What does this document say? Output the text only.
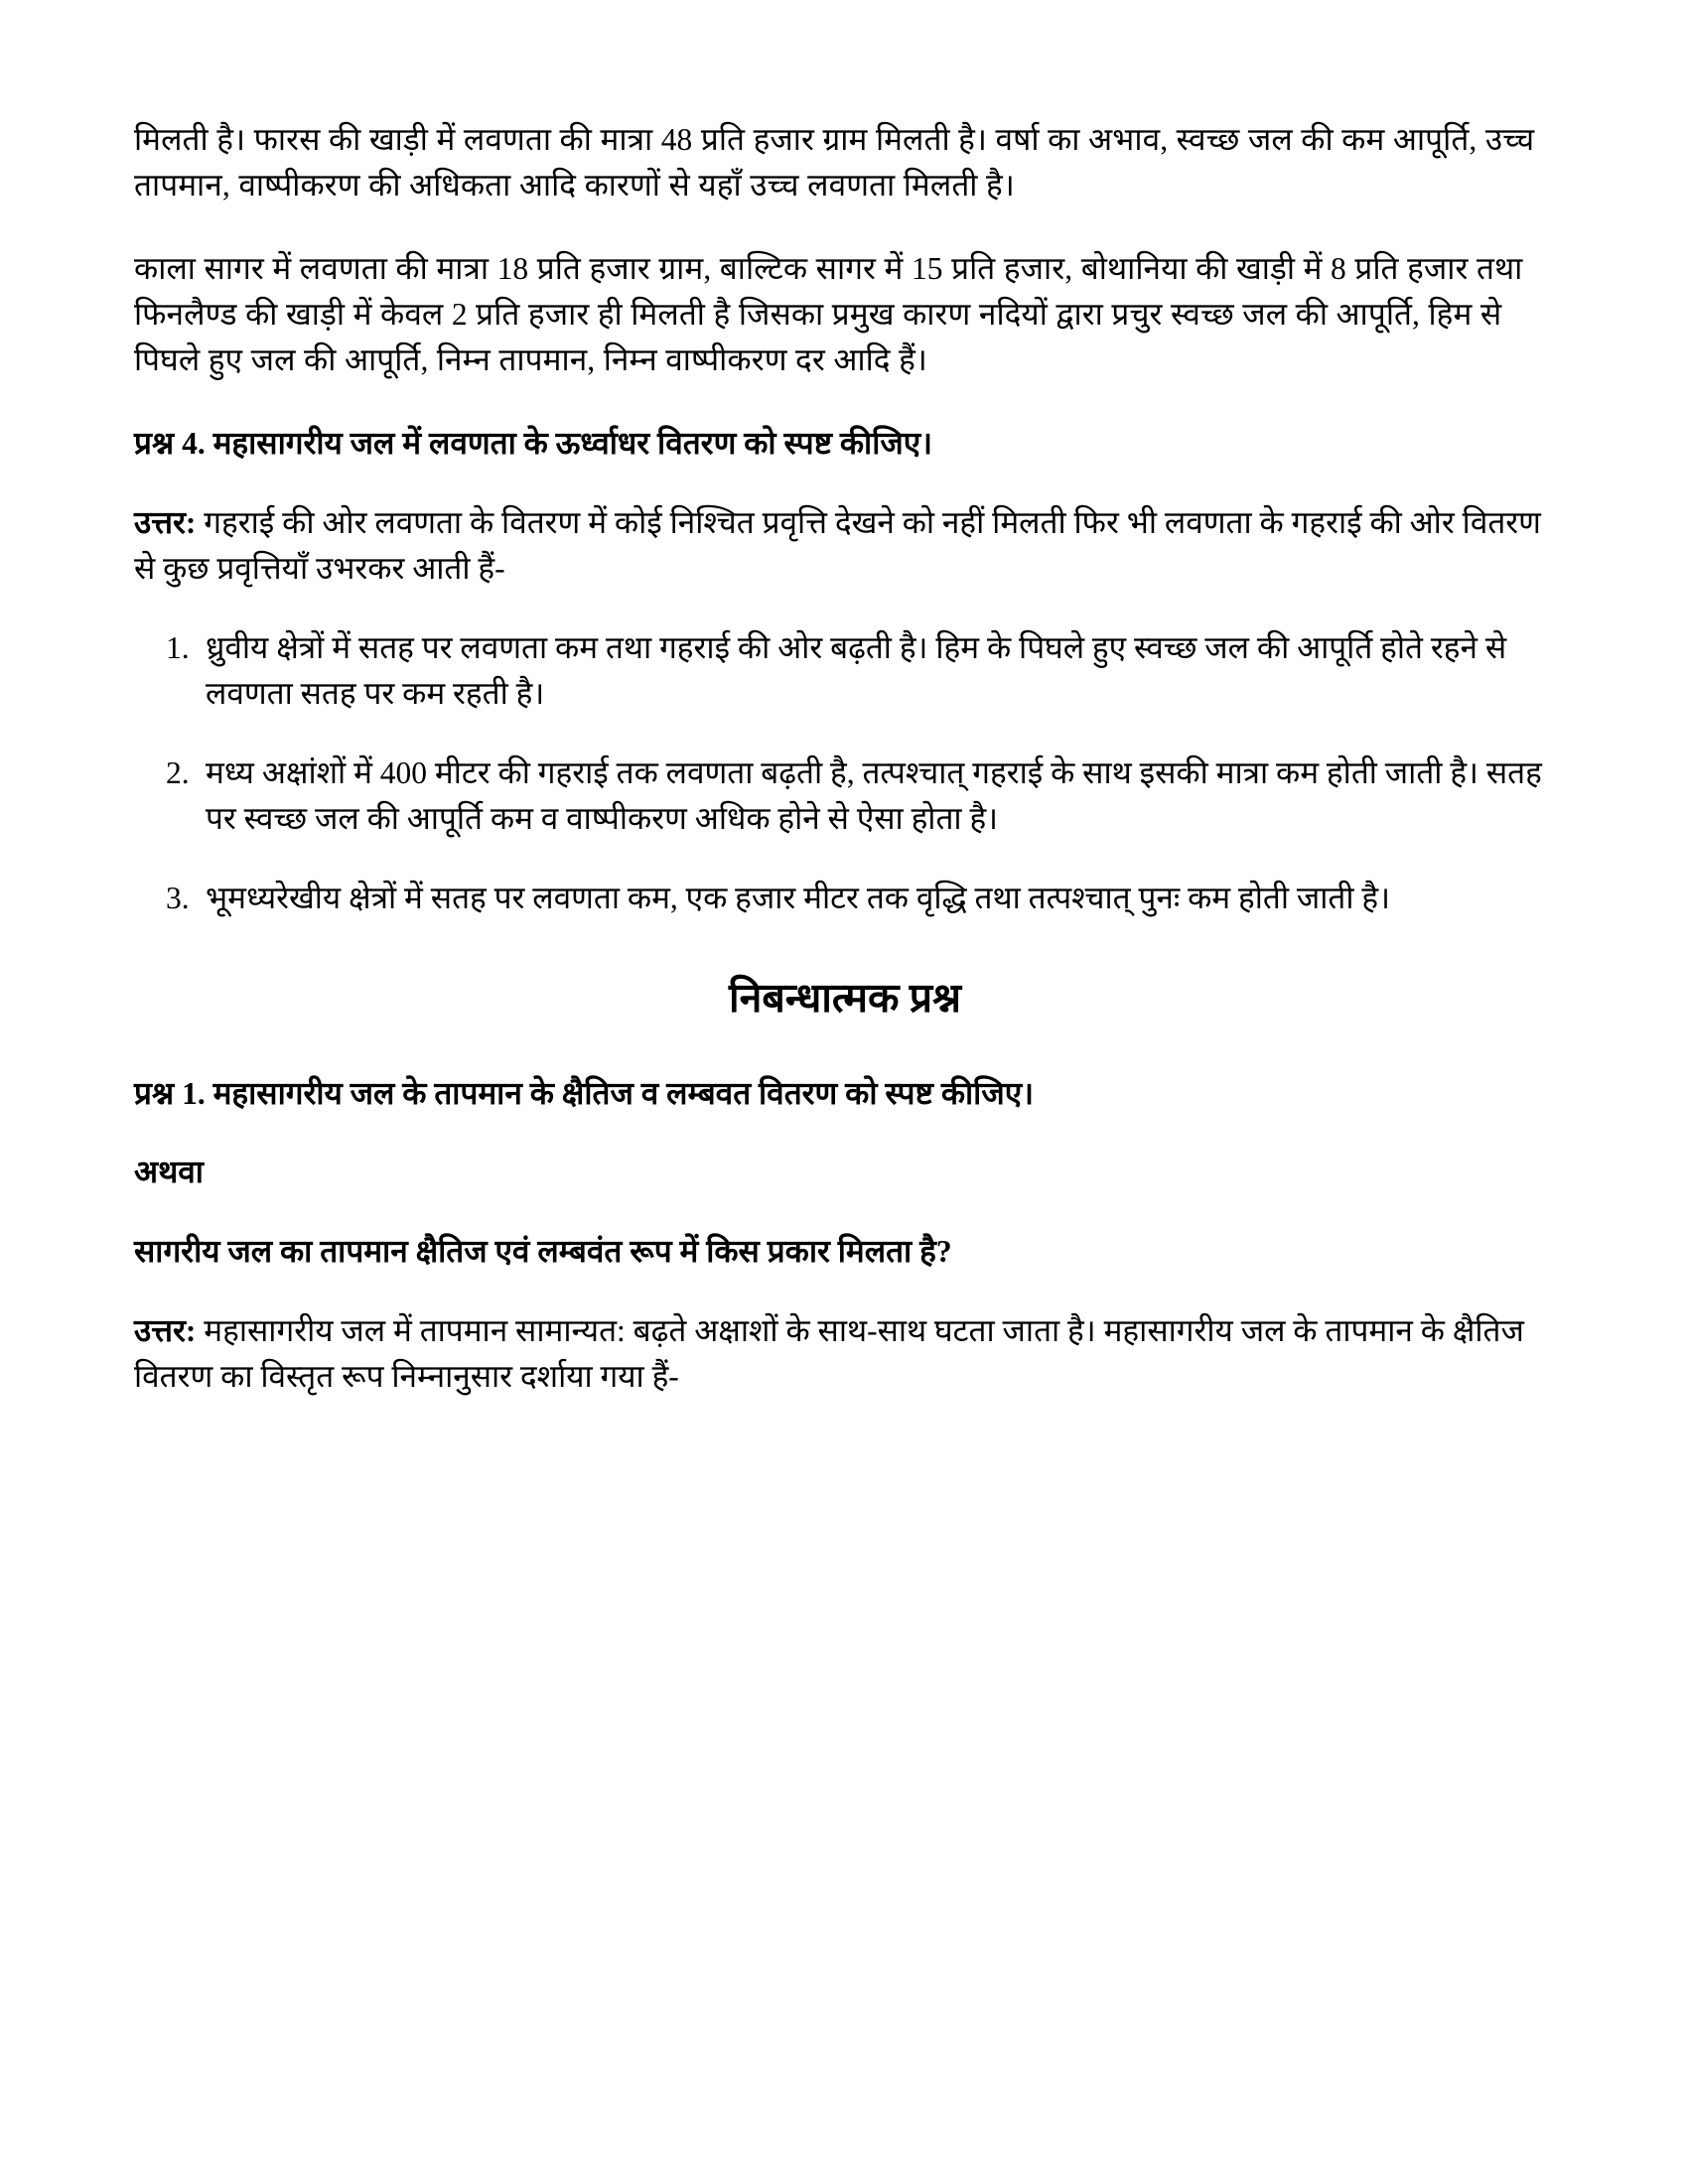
मिलती है। फारस की खाड़ी में लवणता की मात्रा 48 प्रति हजार ग्राम मिलती है। वर्षा का अभाव, स्वच्छ जल की कम आपूर्ति, उच्च तापमान, वाष्पीकरण की अधिकता आदि कारणों से यहाँ उच्च लवणता मिलती है।

काला सागर में लवणता की मात्रा 18 प्रति हजार ग्राम, बाल्टिक सागर में 15 प्रति हजार, बोथानिया की खाड़ी में 8 प्रति हजार तथा फिनलैण्ड की खाड़ी में केवल 2 प्रति हजार ही मिलती है जिसका प्रमुख कारण नदियों द्वारा प्रचुर स्वच्छ जल की आपूर्ति, हिम से पिघले हुए जल की आपूर्ति, निम्न तापमान, निम्न वाष्पीकरण दर आदि हैं।

प्रश्न 4. महासागरीय जल में लवणता के ऊर्ध्वाधर वितरण को स्पष्ट कीजिए।

उत्तर: गहराई की ओर लवणता के वितरण में कोई निश्चित प्रवृत्ति देखने को नहीं मिलती फिर भी लवणता के गहराई की ओर वितरण से कुछ प्रवृत्तियाँ उभरकर आती हैं-

1. ध्रुवीय क्षेत्रों में सतह पर लवणता कम तथा गहराई की ओर बढ़ती है। हिम के पिघले हुए स्वच्छ जल की आपूर्ति होते रहने से लवणता सतह पर कम रहती है।
2. मध्य अक्षांशों में 400 मीटर की गहराई तक लवणता बढ़ती है, तत्पश्चात् गहराई के साथ इसकी मात्रा कम होती जाती है। सतह पर स्वच्छ जल की आपूर्ति कम व वाष्पीकरण अधिक होने से ऐसा होता है।
3. भूमध्यरेखीय क्षेत्रों में सतह पर लवणता कम, एक हजार मीटर तक वृद्धि तथा तत्पश्चात् पुनः कम होती जाती है।
निबन्धात्मक प्रश्न

प्रश्न 1. महासागरीय जल के तापमान के क्षैतिज व लम्बवत वितरण को स्पष्ट कीजिए।

अथवा

सागरीय जल का तापमान क्षैतिज एवं लम्बवंत रूप में किस प्रकार मिलता है?

उत्तर: महासागरीय जल में तापमान सामान्यत: बढ़ते अक्षाशों के साथ-साथ घटता जाता है। महासागरीय जल के तापमान के क्षैतिज वितरण का विस्तृत रूप निम्नानुसार दर्शाया गया हैं-
